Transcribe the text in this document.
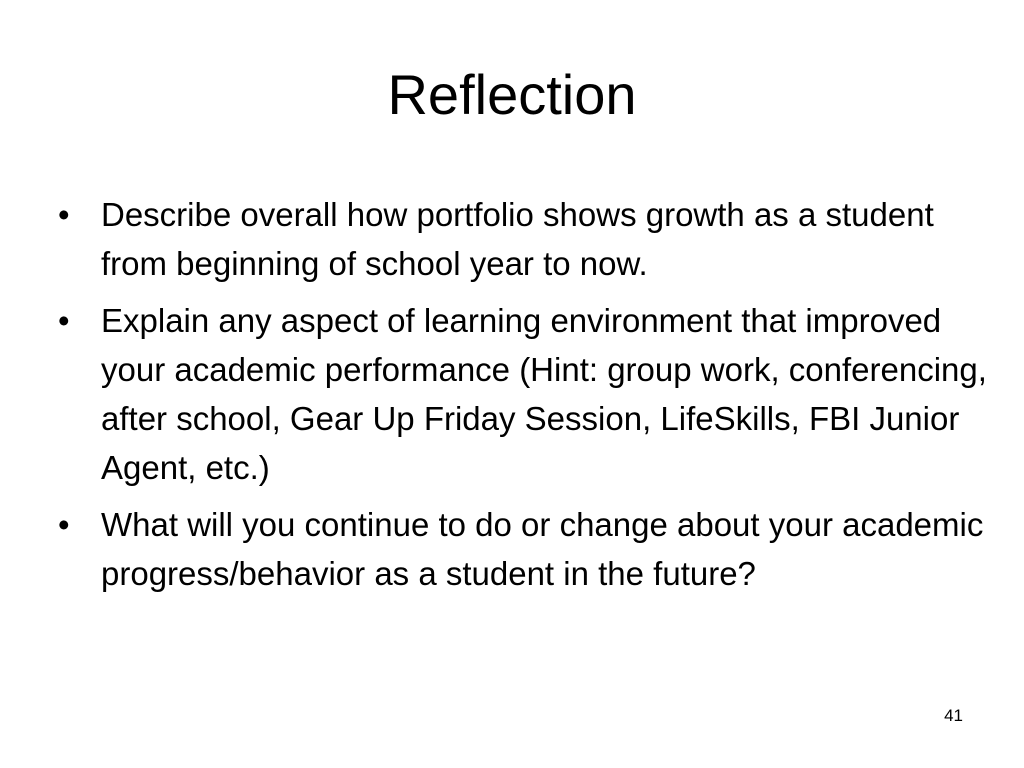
Reflection
• Describe overall how portfolio shows growth as a student from beginning of school year to now.
• Explain any aspect of learning environment that improved your academic performance (Hint: group work, conferencing, after school, Gear Up Friday Session, LifeSkills, FBI Junior Agent, etc.)
• What will you continue to do or change about your academic progress/behavior as a student in the future?
41
